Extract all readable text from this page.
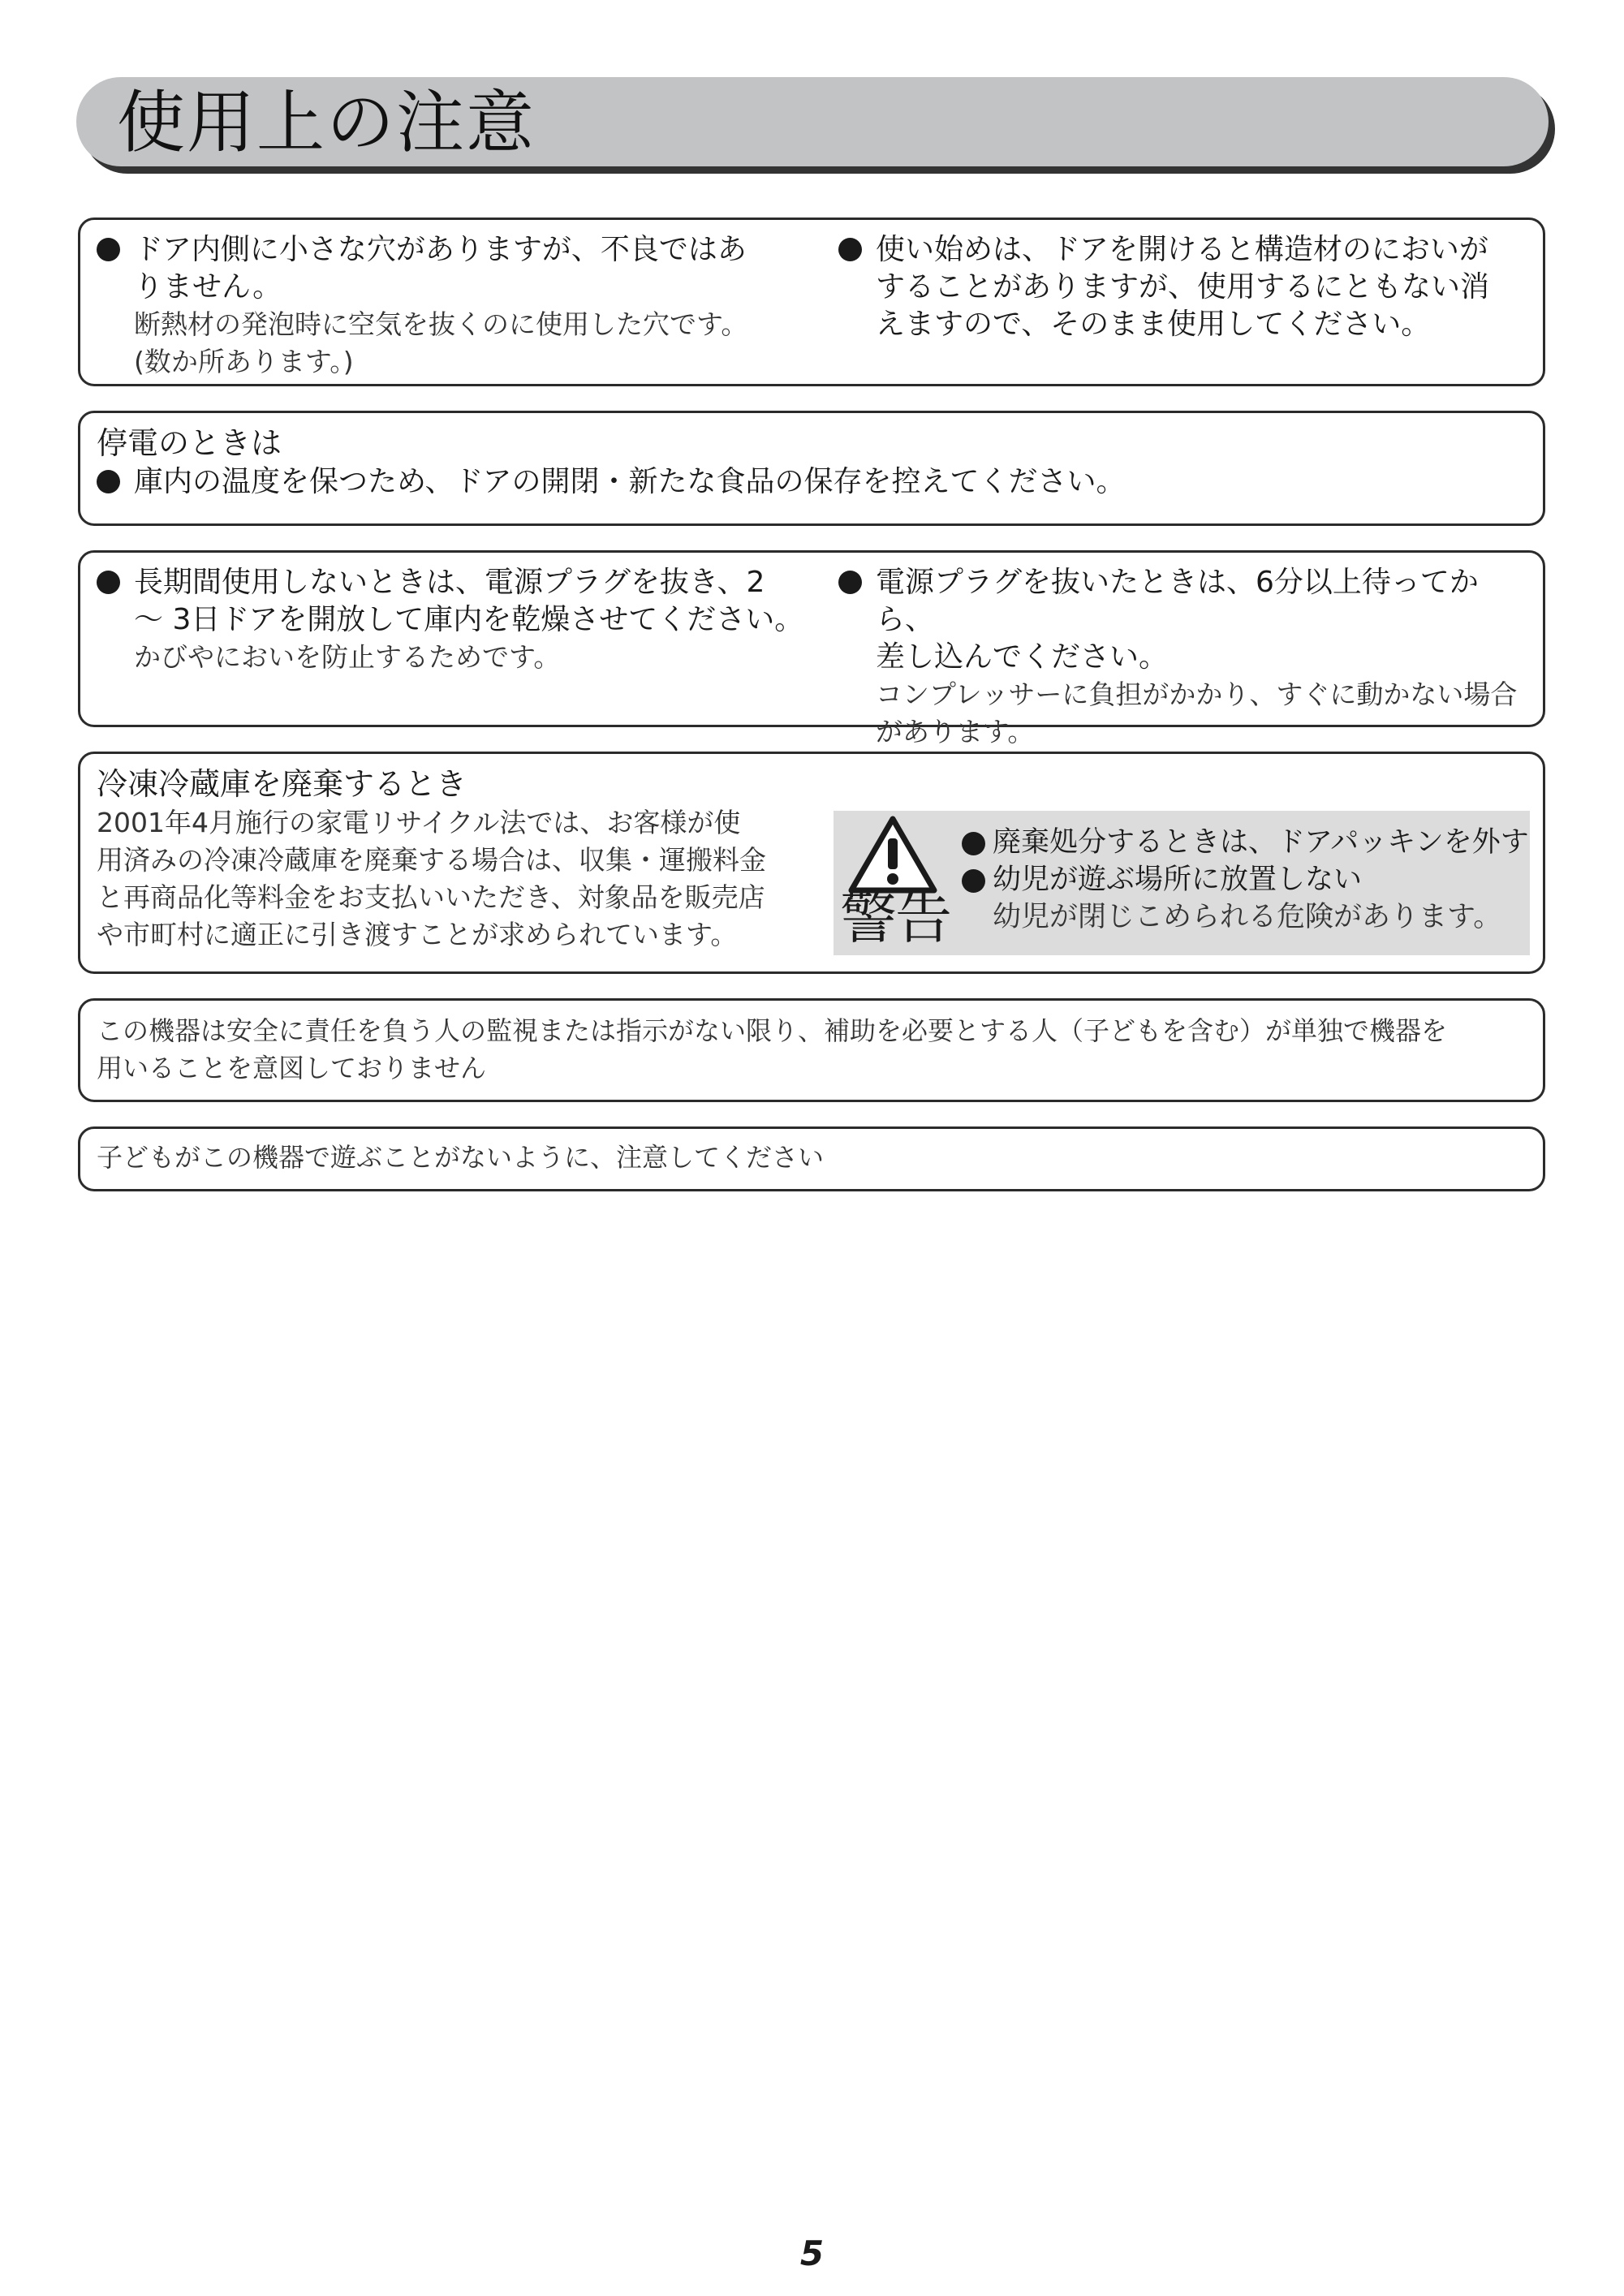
使用上の注意

ドア内側に小さな穴がありますが、不良ではあ

りません。

断熱材の発泡時に空気を抜くのに使用した穴です。

(数か所あります。)

使い始めは、ドアを開けると構造材のにおいが

することがありますが、使用するにともない消

えますので、そのまま使用してください。

停電のときは

庫内の温度を保つため、ドアの開閉・新たな食品の保存を控えてください。

長期間使用しないときは、電源プラグを抜き、2

～ 3日ドアを開放して庫内を乾燥させてください。

かびやにおいを防止するためです。

電源プラグを抜いたときは、6分以上待ってから、

差し込んでください。

コンプレッサーに負担がかかり、すぐに動かない場合

があります。

冷凍冷蔵庫を廃棄するとき

2001年4月施行の家電リサイクル法では、お客様が使

用済みの冷凍冷蔵庫を廃棄する場合は、収集・運搬料金

と再商品化等料金をお支払いいただき、対象品を販売店

や市町村に適正に引き渡すことが求められています。	警告
廃棄処分するときは、ドアパッキンを外す
幼児が遊ぶ場所に放置しない
幼児が閉じこめられる危険があります。

この機器は安全に責任を負う人の監視または指示がない限り、補助を必要とする人（子どもを含む）が単独で機器を

用いることを意図しておりません

子どもがこの機器で遊ぶことがないように、注意してください

5
